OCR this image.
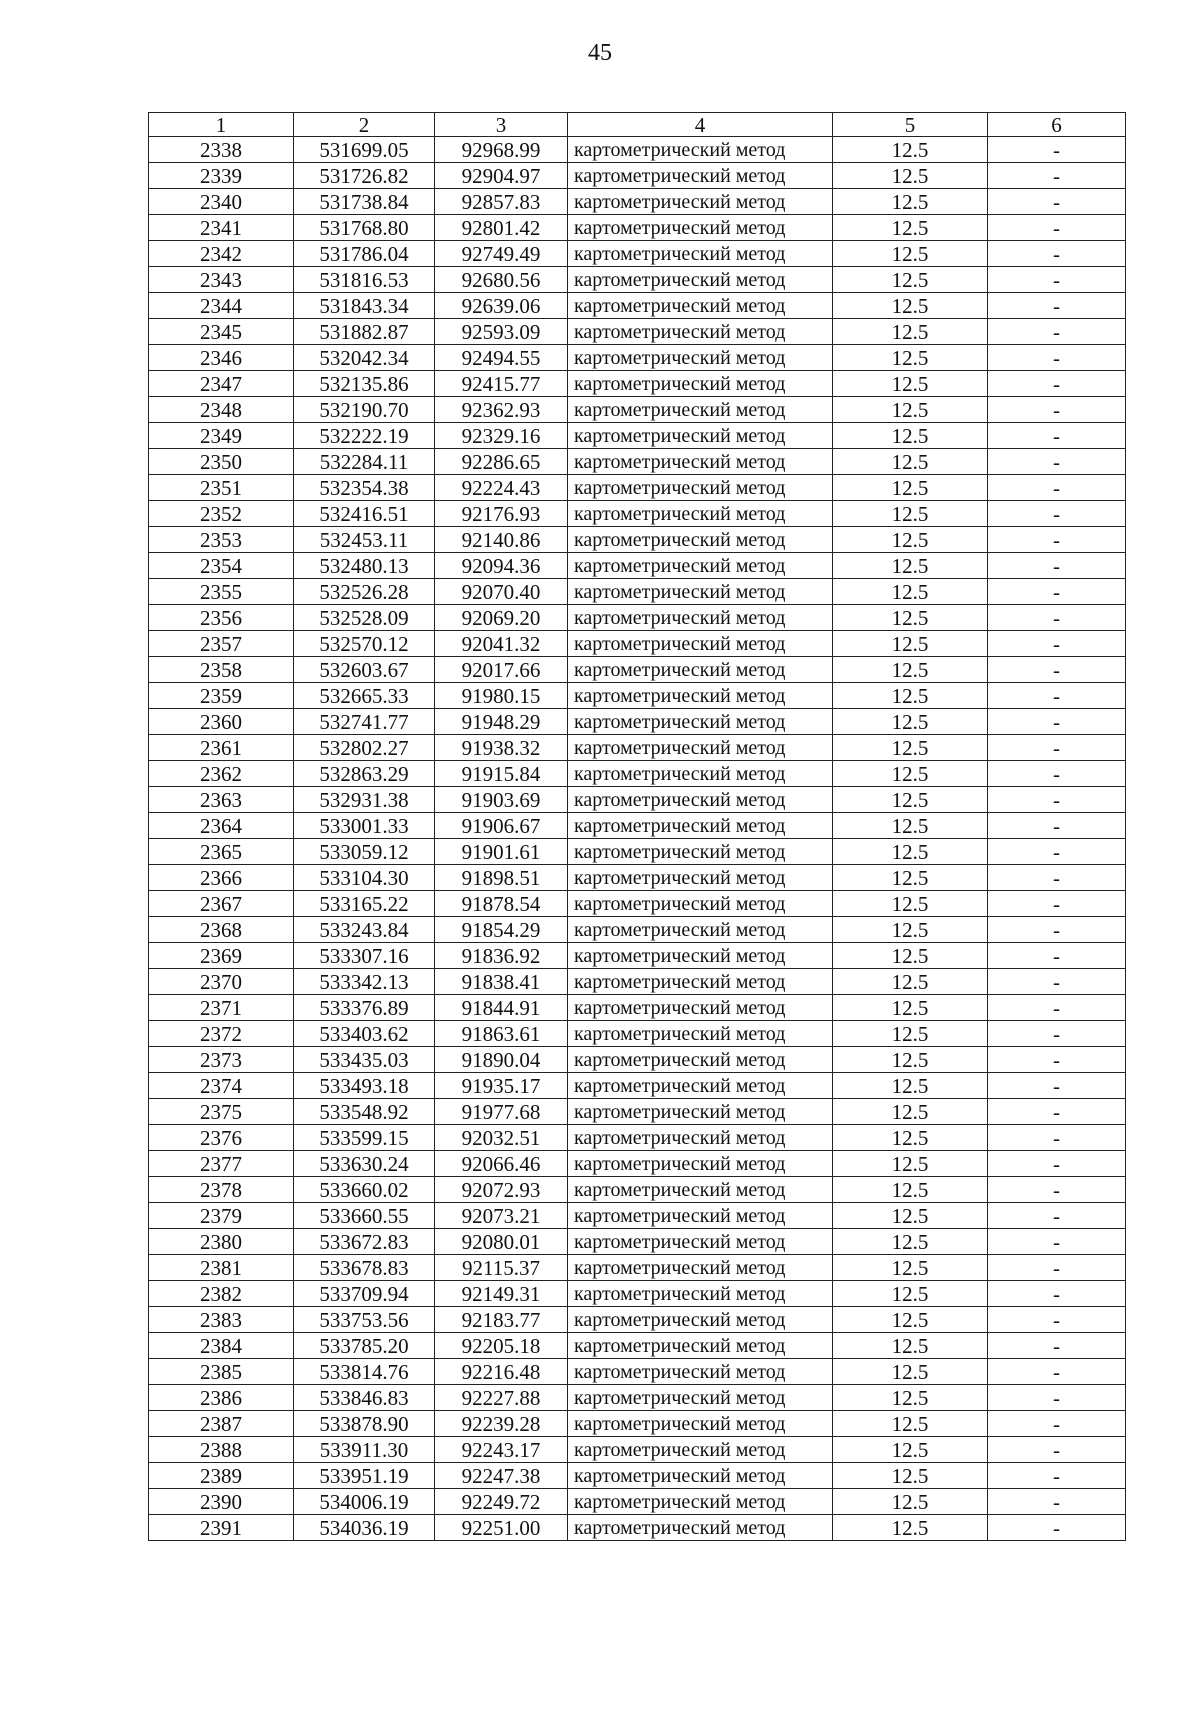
45
1	2	3	4	5	6
2338	531699.05	92968.99	картометрический метод	12.5	-
2339	531726.82	92904.97	картометрический метод	12.5	-
2340	531738.84	92857.83	картометрический метод	12.5	-
2341	531768.80	92801.42	картометрический метод	12.5	-
2342	531786.04	92749.49	картометрический метод	12.5	-
2343	531816.53	92680.56	картометрический метод	12.5	-
2344	531843.34	92639.06	картометрический метод	12.5	-
2345	531882.87	92593.09	картометрический метод	12.5	-
2346	532042.34	92494.55	картометрический метод	12.5	-
2347	532135.86	92415.77	картометрический метод	12.5	-
2348	532190.70	92362.93	картометрический метод	12.5	-
2349	532222.19	92329.16	картометрический метод	12.5	-
2350	532284.11	92286.65	картометрический метод	12.5	-
2351	532354.38	92224.43	картометрический метод	12.5	-
2352	532416.51	92176.93	картометрический метод	12.5	-
2353	532453.11	92140.86	картометрический метод	12.5	-
2354	532480.13	92094.36	картометрический метод	12.5	-
2355	532526.28	92070.40	картометрический метод	12.5	-
2356	532528.09	92069.20	картометрический метод	12.5	-
2357	532570.12	92041.32	картометрический метод	12.5	-
2358	532603.67	92017.66	картометрический метод	12.5	-
2359	532665.33	91980.15	картометрический метод	12.5	-
2360	532741.77	91948.29	картометрический метод	12.5	-
2361	532802.27	91938.32	картометрический метод	12.5	-
2362	532863.29	91915.84	картометрический метод	12.5	-
2363	532931.38	91903.69	картометрический метод	12.5	-
2364	533001.33	91906.67	картометрический метод	12.5	-
2365	533059.12	91901.61	картометрический метод	12.5	-
2366	533104.30	91898.51	картометрический метод	12.5	-
2367	533165.22	91878.54	картометрический метод	12.5	-
2368	533243.84	91854.29	картометрический метод	12.5	-
2369	533307.16	91836.92	картометрический метод	12.5	-
2370	533342.13	91838.41	картометрический метод	12.5	-
2371	533376.89	91844.91	картометрический метод	12.5	-
2372	533403.62	91863.61	картометрический метод	12.5	-
2373	533435.03	91890.04	картометрический метод	12.5	-
2374	533493.18	91935.17	картометрический метод	12.5	-
2375	533548.92	91977.68	картометрический метод	12.5	-
2376	533599.15	92032.51	картометрический метод	12.5	-
2377	533630.24	92066.46	картометрический метод	12.5	-
2378	533660.02	92072.93	картометрический метод	12.5	-
2379	533660.55	92073.21	картометрический метод	12.5	-
2380	533672.83	92080.01	картометрический метод	12.5	-
2381	533678.83	92115.37	картометрический метод	12.5	-
2382	533709.94	92149.31	картометрический метод	12.5	-
2383	533753.56	92183.77	картометрический метод	12.5	-
2384	533785.20	92205.18	картометрический метод	12.5	-
2385	533814.76	92216.48	картометрический метод	12.5	-
2386	533846.83	92227.88	картометрический метод	12.5	-
2387	533878.90	92239.28	картометрический метод	12.5	-
2388	533911.30	92243.17	картометрический метод	12.5	-
2389	533951.19	92247.38	картометрический метод	12.5	-
2390	534006.19	92249.72	картометрический метод	12.5	-
2391	534036.19	92251.00	картометрический метод	12.5	-
